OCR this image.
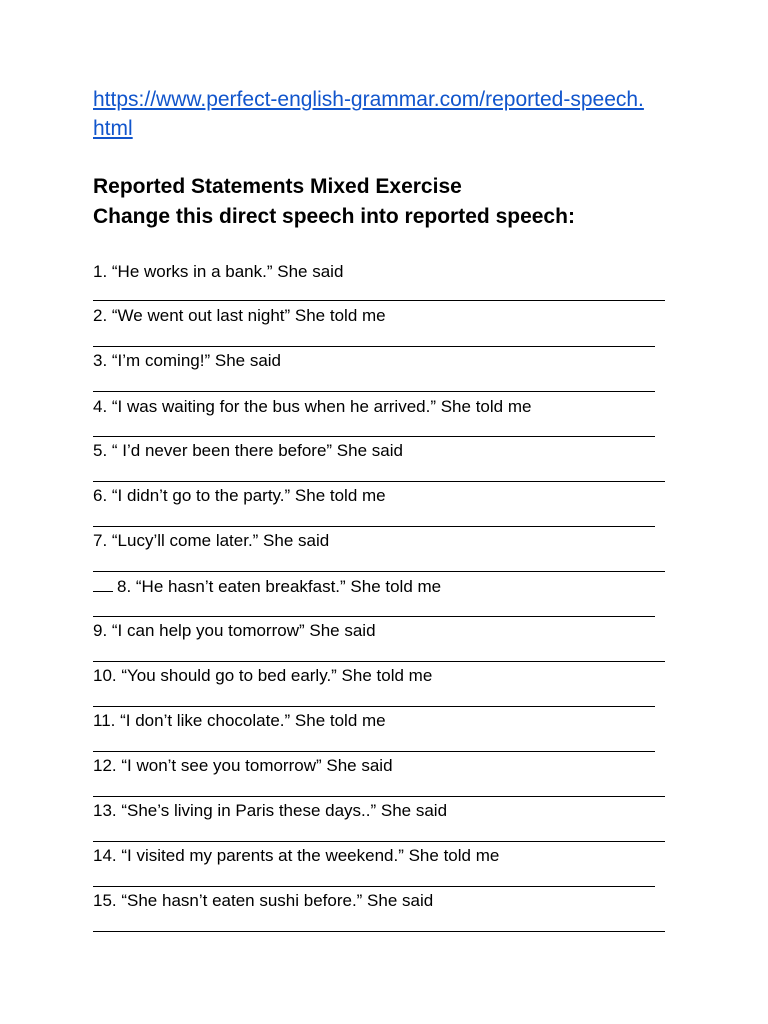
https://www.perfect-english-grammar.com/reported-speech.html
Reported Statements Mixed Exercise
Change this direct speech into reported speech:
1. “He works in a bank.” She said
2. “We went out last night” She told me
3. “I’m coming!” She said
4. “I was waiting for the bus when he arrived.” She told me
5. “ I’d never been there before” She said
6. “I didn’t go to the party.” She told me
7. “Lucy’ll come later.” She said
8. “He hasn’t eaten breakfast.” She told me
9. “I can help you tomorrow” She said
10. “You should go to bed early.” She told me
11. “I don’t like chocolate.” She told me
12. “I won’t see you tomorrow” She said
13. “She’s living in Paris these days..” She said
14. “I visited my parents at the weekend.” She told me
15. “She hasn’t eaten sushi before.” She said
